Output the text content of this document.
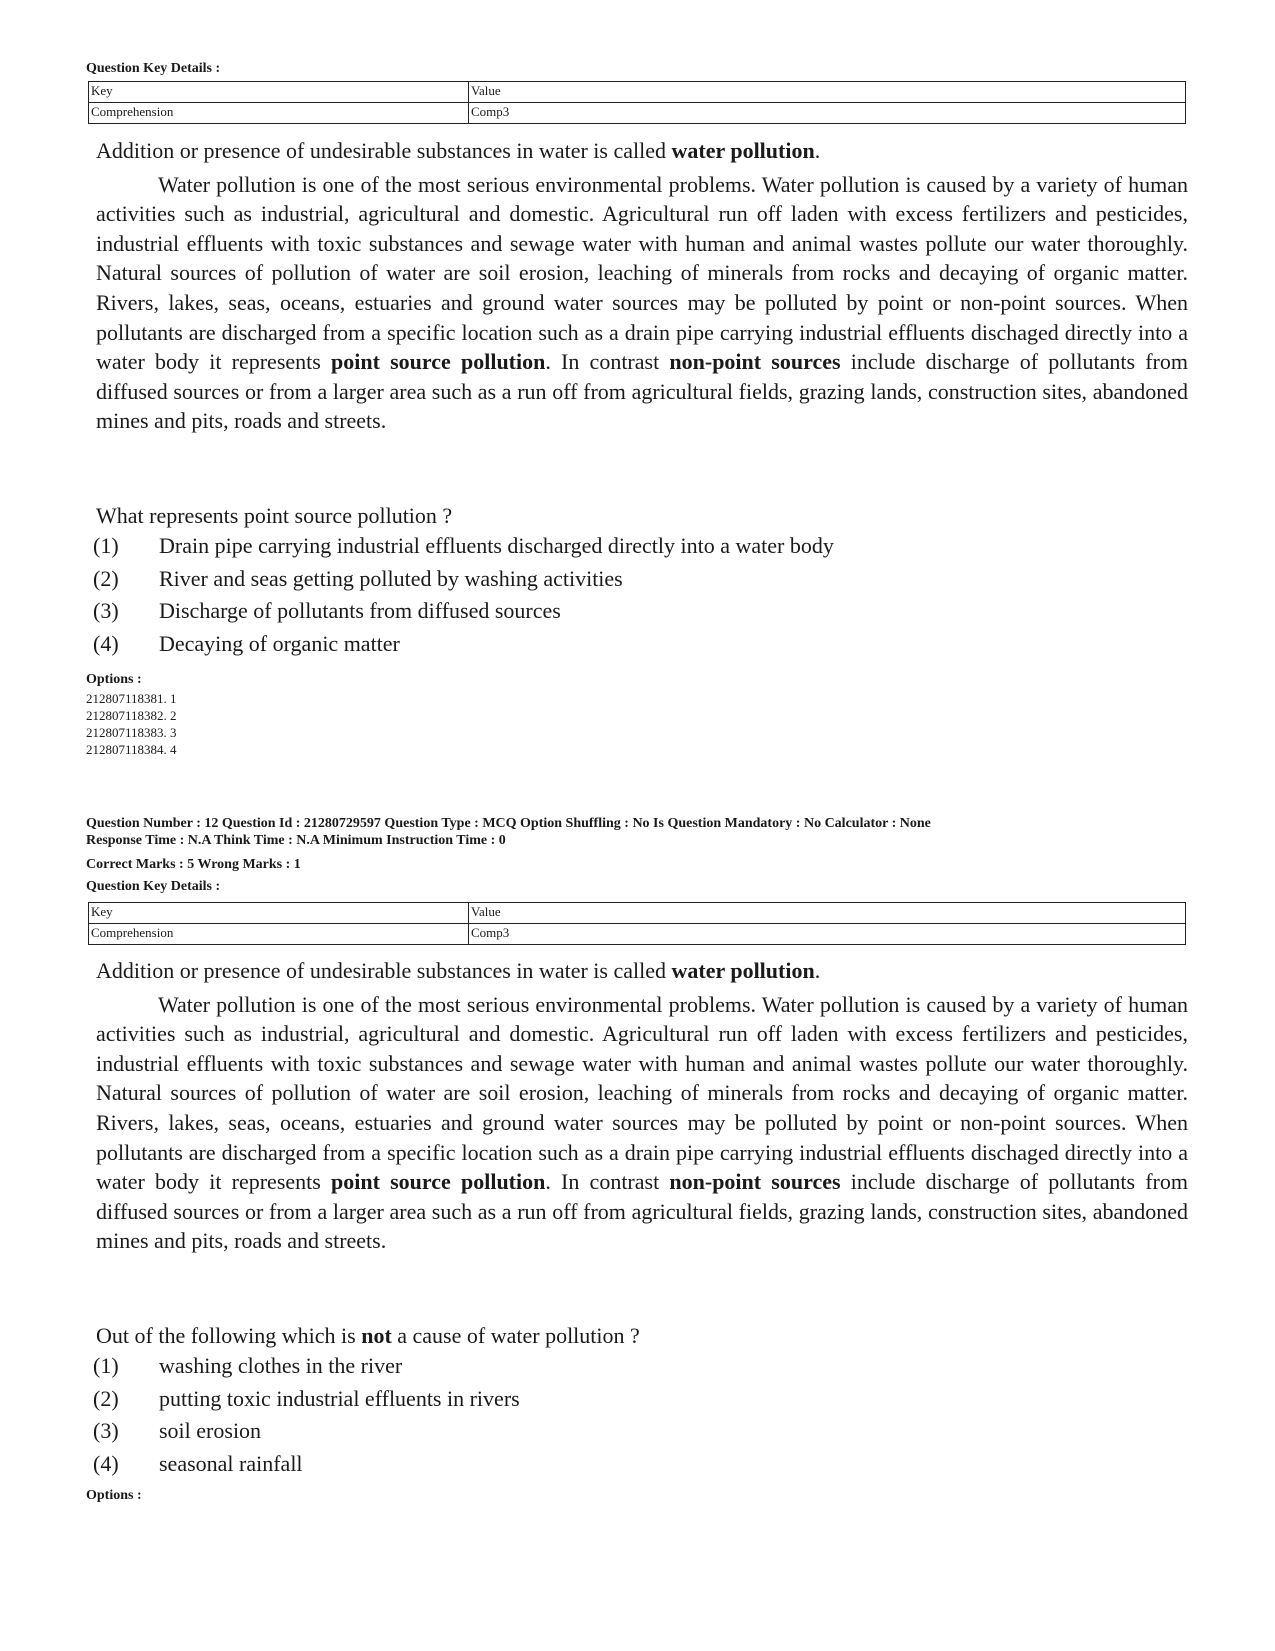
Question Key Details :
Key	Value
Comprehension	Comp3

Addition or presence of undesirable substances in water is called water pollution.

Water pollution is one of the most serious environmental problems. Water pollution is caused by a variety of human activities such as industrial, agricultural and domestic. Agricultural run off laden with excess fertilizers and pesticides, industrial effluents with toxic substances and sewage water with human and animal wastes pollute our water thoroughly. Natural sources of pollution of water are soil erosion, leaching of minerals from rocks and decaying of organic matter. Rivers, lakes, seas, oceans, estuaries and ground water sources may be polluted by point or non-point sources. When pollutants are discharged from a specific location such as a drain pipe carrying industrial effluents dischaged directly into a water body it represents point source pollution. In contrast non-point sources include discharge of pollutants from diffused sources or from a larger area such as a run off from agricultural fields, grazing lands, construction sites, abandoned mines and pits, roads and streets.

What represents point source pollution ?
(1)	Drain pipe carrying industrial effluents discharged directly into a water body
(2)	River and seas getting polluted by washing activities
(3)	Discharge of pollutants from diffused sources
(4)	Decaying of organic matter
Options :
212807118381. 1
212807118382. 2
212807118383. 3
212807118384. 4
Question Number : 12 Question Id : 21280729597 Question Type : MCQ Option Shuffling : No Is Question Mandatory : No Calculator : None
Response Time : N.A Think Time : N.A Minimum Instruction Time : 0
Correct Marks : 5 Wrong Marks : 1
Question Key Details :
Key	Value
Comprehension	Comp3

Addition or presence of undesirable substances in water is called water pollution.

Water pollution is one of the most serious environmental problems. Water pollution is caused by a variety of human activities such as industrial, agricultural and domestic. Agricultural run off laden with excess fertilizers and pesticides, industrial effluents with toxic substances and sewage water with human and animal wastes pollute our water thoroughly. Natural sources of pollution of water are soil erosion, leaching of minerals from rocks and decaying of organic matter. Rivers, lakes, seas, oceans, estuaries and ground water sources may be polluted by point or non-point sources. When pollutants are discharged from a specific location such as a drain pipe carrying industrial effluents dischaged directly into a water body it represents point source pollution. In contrast non-point sources include discharge of pollutants from diffused sources or from a larger area such as a run off from agricultural fields, grazing lands, construction sites, abandoned mines and pits, roads and streets.

Out of the following which is not a cause of water pollution ?
(1)	washing clothes in the river
(2)	putting toxic industrial effluents in rivers
(3)	soil erosion
(4)	seasonal rainfall
Options :
